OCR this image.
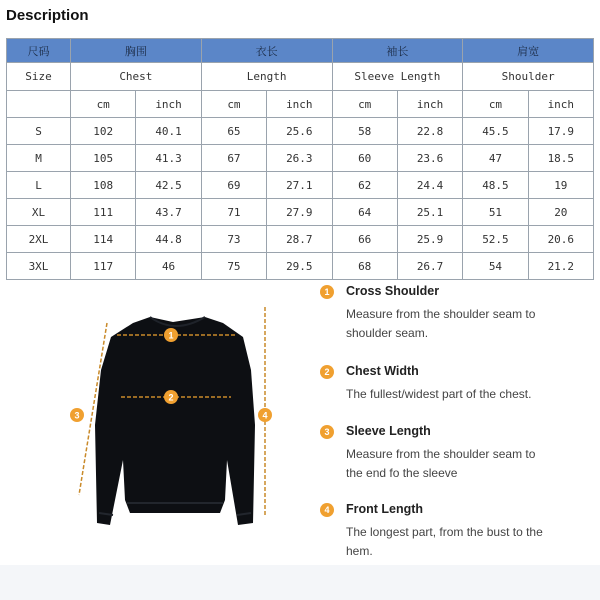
Description
尺码	胸围		衣长		袖长		肩宽	
Size	Chest		Length		Sleeve Length		Shoulder	
	cm	inch	cm	inch	cm	inch	cm	inch
S	102	40.1	65	25.6	58	22.8	45.5	17.9
M	105	41.3	67	26.3	60	23.6	47	18.5
L	108	42.5	69	27.1	62	24.4	48.5	19
XL	111	43.7	71	27.9	64	25.1	51	20
2XL	114	44.8	73	28.7	66	25.9	52.5	20.6
3XL	117	46	75	29.5	68	26.7	54	21.2
1
2
3	4
1	Cross Shoulder
Measure from the shoulder seam to shoulder seam.
2	Chest Width
The fullest/widest part of the chest.
3	Sleeve Length
Measure from the shoulder seam to the end fo the sleeve
4	Front Length
The longest part, from the bust to the hem.
